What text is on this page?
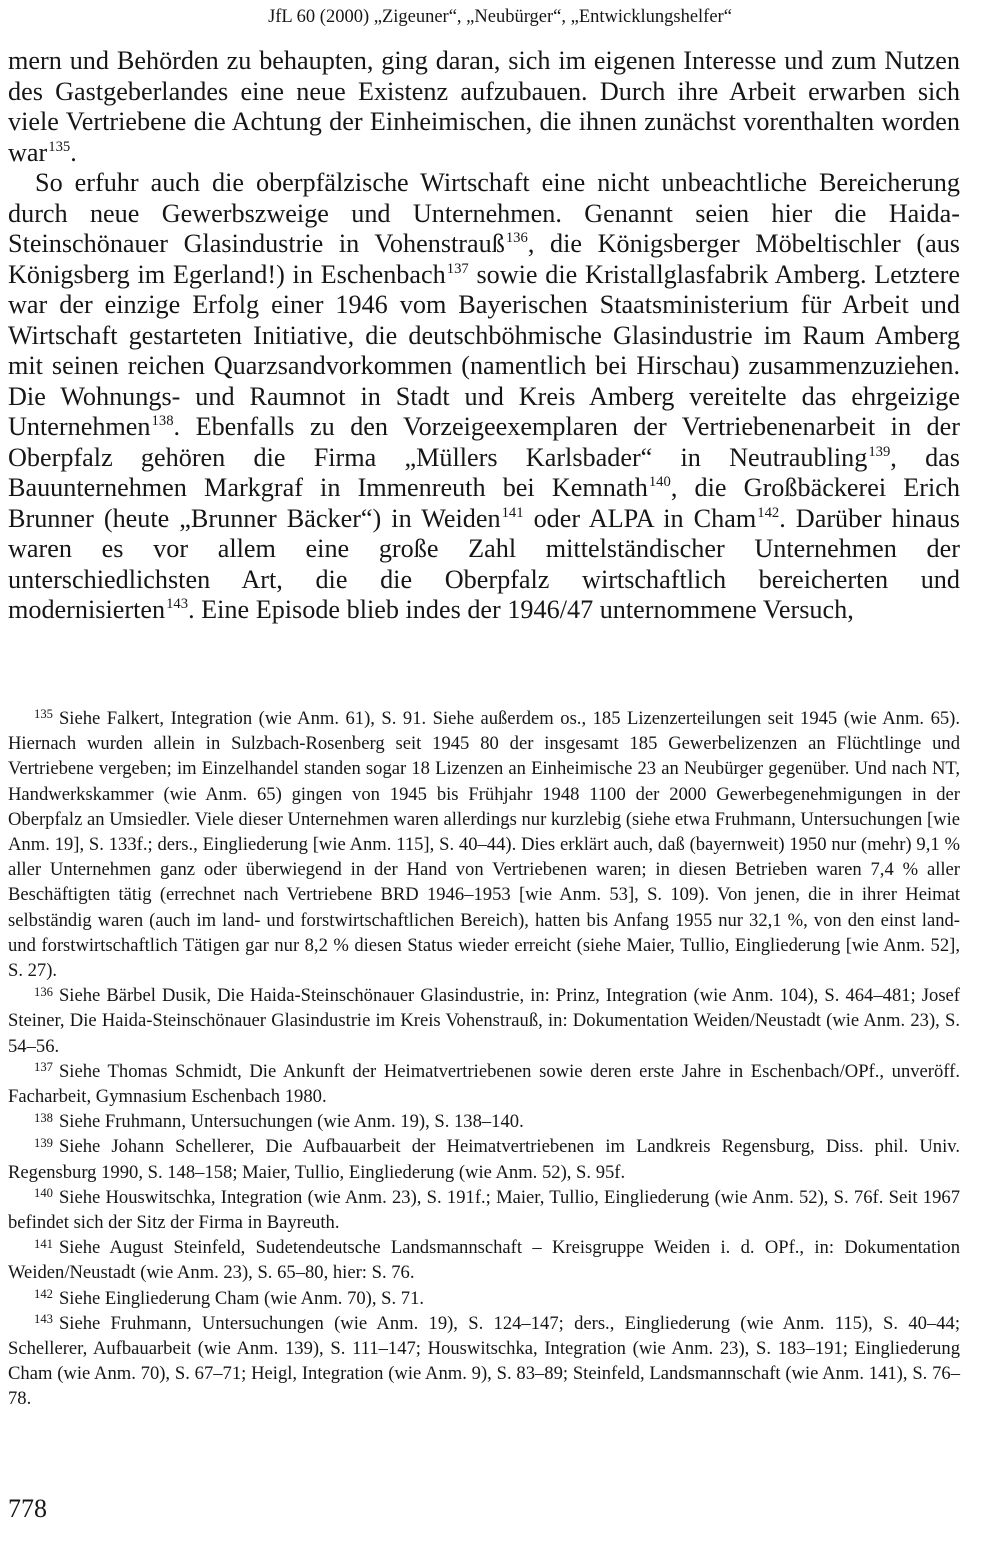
JfL 60 (2000) „Zigeuner“, „Neubürger“, „Entwicklungshelfer“

mern und Behörden zu behaupten, ging daran, sich im eigenen Interesse und zum Nutzen des Gastgeberlandes eine neue Existenz aufzubauen. Durch ihre Arbeit erwarben sich viele Vertriebene die Achtung der Einheimischen, die ihnen zunächst vorenthalten worden war$^{135}$.

So erfuhr auch die oberpfälzische Wirtschaft eine nicht unbeachtliche Bereicherung durch neue Gewerbszweige und Unternehmen. Genannt seien hier die Haida-Steinschönauer Glasindustrie in Vohenstrauß$^{136}$, die Königsberger Möbeltischler (aus Königsberg im Egerland!) in Eschenbach$^{137}$ sowie die Kristallglasfabrik Amberg. Letztere war der einzige Erfolg einer 1946 vom Bayerischen Staatsministerium für Arbeit und Wirtschaft gestarteten Initiative, die deutschböhmische Glasindustrie im Raum Amberg mit seinen reichen Quarzsandvorkommen (namentlich bei Hirschau) zusammenzuziehen. Die Wohnungs- und Raumnot in Stadt und Kreis Amberg vereitelte das ehrgeizige Unternehmen$^{138}$. Ebenfalls zu den Vorzeigeexemplaren der Vertriebenenarbeit in der Oberpfalz gehören die Firma „Müllers Karlsbader“ in Neutraubling$^{139}$, das Bauunternehmen Markgraf in Immenreuth bei Kemnath$^{140}$, die Großbäckerei Erich Brunner (heute „Brunner Bäcker“) in Weiden$^{141}$ oder ALPA in Cham$^{142}$. Darüber hinaus waren es vor allem eine große Zahl mittelständischer Unternehmen der unterschiedlichsten Art, die die Oberpfalz wirtschaftlich bereicherten und modernisierten$^{143}$. Eine Episode blieb indes der 1946/47 unternommene Versuch,

$^{135}$ Siehe Falkert, Integration (wie Anm. 61), S. 91. Siehe außerdem os., 185 Lizenzerteilungen seit 1945 (wie Anm. 65). Hiernach wurden allein in Sulzbach-Rosenberg seit 1945 80 der insgesamt 185 Gewerbelizenzen an Flüchtlinge und Vertriebene vergeben; im Einzelhandel standen sogar 18 Lizenzen an Einheimische 23 an Neubürger gegenüber. Und nach NT, Handwerkskammer (wie Anm. 65) gingen von 1945 bis Frühjahr 1948 1100 der 2000 Gewerbegenehmigungen in der Oberpfalz an Umsiedler. Viele dieser Unternehmen waren allerdings nur kurzlebig (siehe etwa Fruhmann, Untersuchungen [wie Anm. 19], S. 133f.; ders., Eingliederung [wie Anm. 115], S. 40–44). Dies erklärt auch, daß (bayernweit) 1950 nur (mehr) 9,1 % aller Unternehmen ganz oder überwiegend in der Hand von Vertriebenen waren; in diesen Betrieben waren 7,4 % aller Beschäftigten tätig (errechnet nach Vertriebene BRD 1946–1953 [wie Anm. 53], S. 109). Von jenen, die in ihrer Heimat selbständig waren (auch im land- und forstwirtschaftlichen Bereich), hatten bis Anfang 1955 nur 32,1 %, von den einst land- und forstwirtschaftlich Tätigen gar nur 8,2 % diesen Status wieder erreicht (siehe Maier, Tullio, Eingliederung [wie Anm. 52], S. 27).

$^{136}$ Siehe Bärbel Dusik, Die Haida-Steinschönauer Glasindustrie, in: Prinz, Integration (wie Anm. 104), S. 464–481; Josef Steiner, Die Haida-Steinschönauer Glasindustrie im Kreis Vohenstrauß, in: Dokumentation Weiden/Neustadt (wie Anm. 23), S. 54–56.

$^{137}$ Siehe Thomas Schmidt, Die Ankunft der Heimatvertriebenen sowie deren erste Jahre in Eschenbach/OPf., unveröff. Facharbeit, Gymnasium Eschenbach 1980.

$^{138}$ Siehe Fruhmann, Untersuchungen (wie Anm. 19), S. 138–140.

$^{139}$ Siehe Johann Schellerer, Die Aufbauarbeit der Heimatvertriebenen im Landkreis Regensburg, Diss. phil. Univ. Regensburg 1990, S. 148–158; Maier, Tullio, Eingliederung (wie Anm. 52), S. 95f.

$^{140}$ Siehe Houswitschka, Integration (wie Anm. 23), S. 191f.; Maier, Tullio, Eingliederung (wie Anm. 52), S. 76f. Seit 1967 befindet sich der Sitz der Firma in Bayreuth.

$^{141}$ Siehe August Steinfeld, Sudetendeutsche Landsmannschaft – Kreisgruppe Weiden i. d. OPf., in: Dokumentation Weiden/Neustadt (wie Anm. 23), S. 65–80, hier: S. 76.

$^{142}$ Siehe Eingliederung Cham (wie Anm. 70), S. 71.

$^{143}$ Siehe Fruhmann, Untersuchungen (wie Anm. 19), S. 124–147; ders., Eingliederung (wie Anm. 115), S. 40–44; Schellerer, Aufbauarbeit (wie Anm. 139), S. 111–147; Houswitschka, Integration (wie Anm. 23), S. 183–191; Eingliederung Cham (wie Anm. 70), S. 67–71; Heigl, Integration (wie Anm. 9), S. 83–89; Steinfeld, Landsmannschaft (wie Anm. 141), S. 76–78.

778
